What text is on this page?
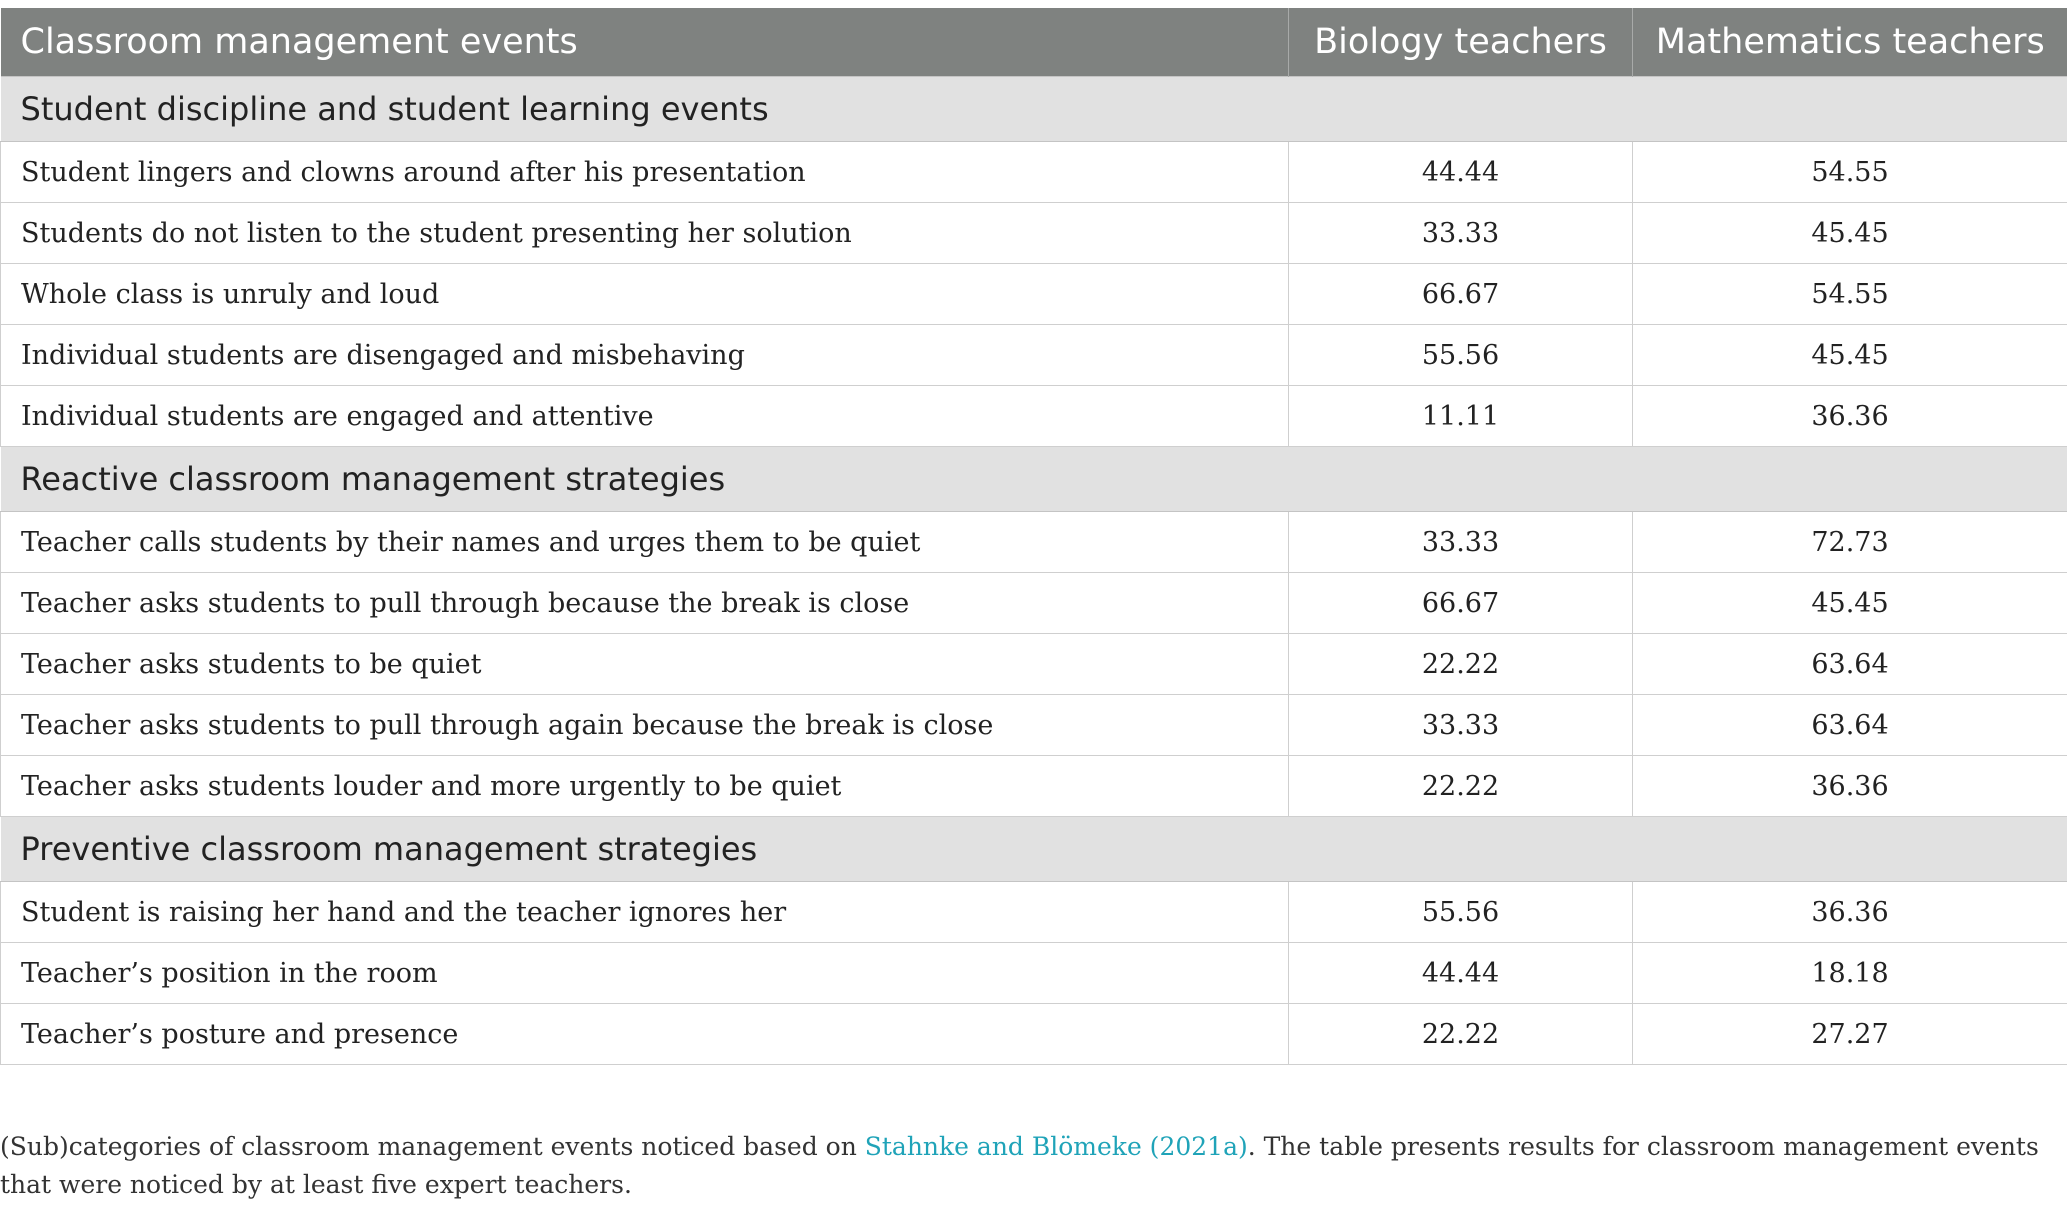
Classroom management events	Biology teachers	Mathematics teachers
Student discipline and student learning events		
Student lingers and clowns around after his presentation	44.44	54.55
Students do not listen to the student presenting her solution	33.33	45.45
Whole class is unruly and loud	66.67	54.55
Individual students are disengaged and misbehaving	55.56	45.45
Individual students are engaged and attentive	11.11	36.36
Reactive classroom management strategies		
Teacher calls students by their names and urges them to be quiet	33.33	72.73
Teacher asks students to pull through because the break is close	66.67	45.45
Teacher asks students to be quiet	22.22	63.64
Teacher asks students to pull through again because the break is close	33.33	63.64
Teacher asks students louder and more urgently to be quiet	22.22	36.36
Preventive classroom management strategies		
Student is raising her hand and the teacher ignores her	55.56	36.36
Teacher’s position in the room	44.44	18.18
Teacher’s posture and presence	22.22	27.27
(Sub)categories of classroom management events noticed based on Stahnke and Blömeke (2021a). The table presents results for classroom management events that were noticed by at least five expert teachers.
